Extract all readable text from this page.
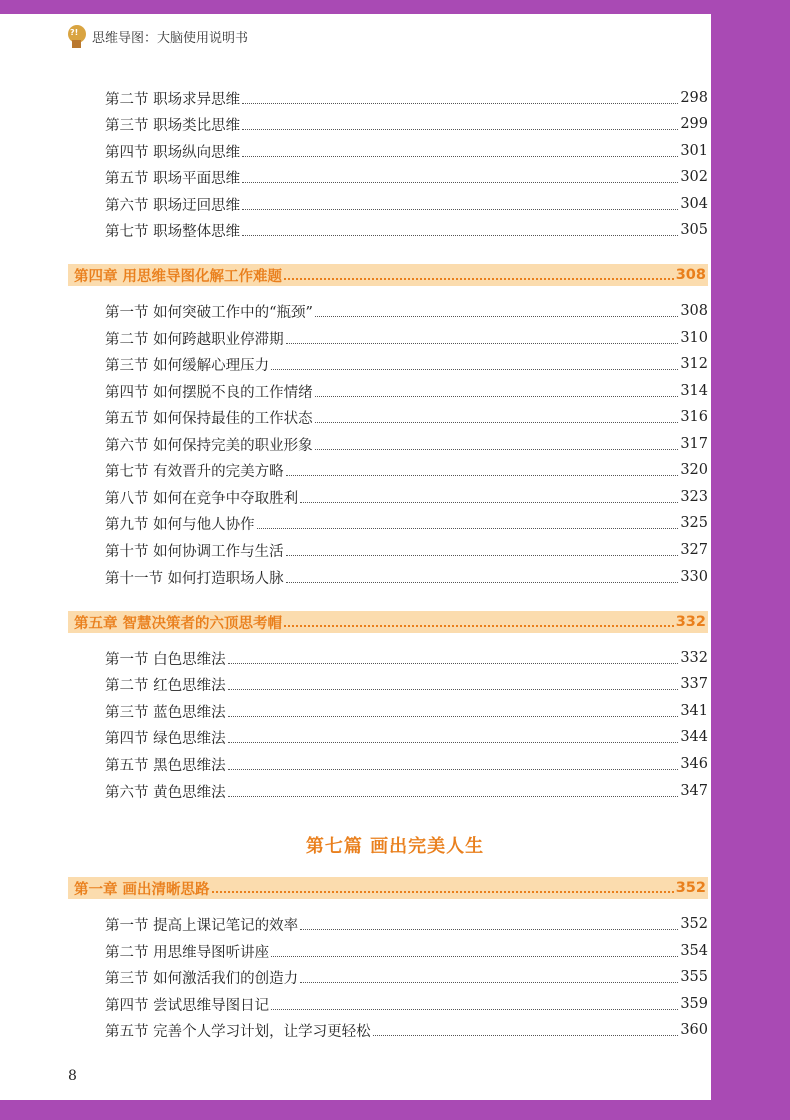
?! 思维导图：大脑使用说明书
第二节 职场求异思维	298
第三节 职场类比思维	299
第四节 职场纵向思维	301
第五节 职场平面思维	302
第六节 职场迂回思维	304
第七节 职场整体思维	305
第四章 用思维导图化解工作难题	308
第一节 如何突破工作中的“瓶颈”	308
第二节 如何跨越职业停滞期	310
第三节 如何缓解心理压力	312
第四节 如何摆脱不良的工作情绪	314
第五节 如何保持最佳的工作状态	316
第六节 如何保持完美的职业形象	317
第七节 有效晋升的完美方略	320
第八节 如何在竞争中夺取胜利	323
第九节 如何与他人协作	325
第十节 如何协调工作与生活	327
第十一节 如何打造职场人脉	330
第五章 智慧决策者的六顶思考帽	332
第一节 白色思维法	332
第二节 红色思维法	337
第三节 蓝色思维法	341
第四节 绿色思维法	344
第五节 黑色思维法	346
第六节 黄色思维法	347
第七篇 画出完美人生
第一章 画出清晰思路	352
第一节 提高上课记笔记的效率	352
第二节 用思维导图听讲座	354
第三节 如何激活我们的创造力	355
第四节 尝试思维导图日记	359
第五节 完善个人学习计划，让学习更轻松	360
8
